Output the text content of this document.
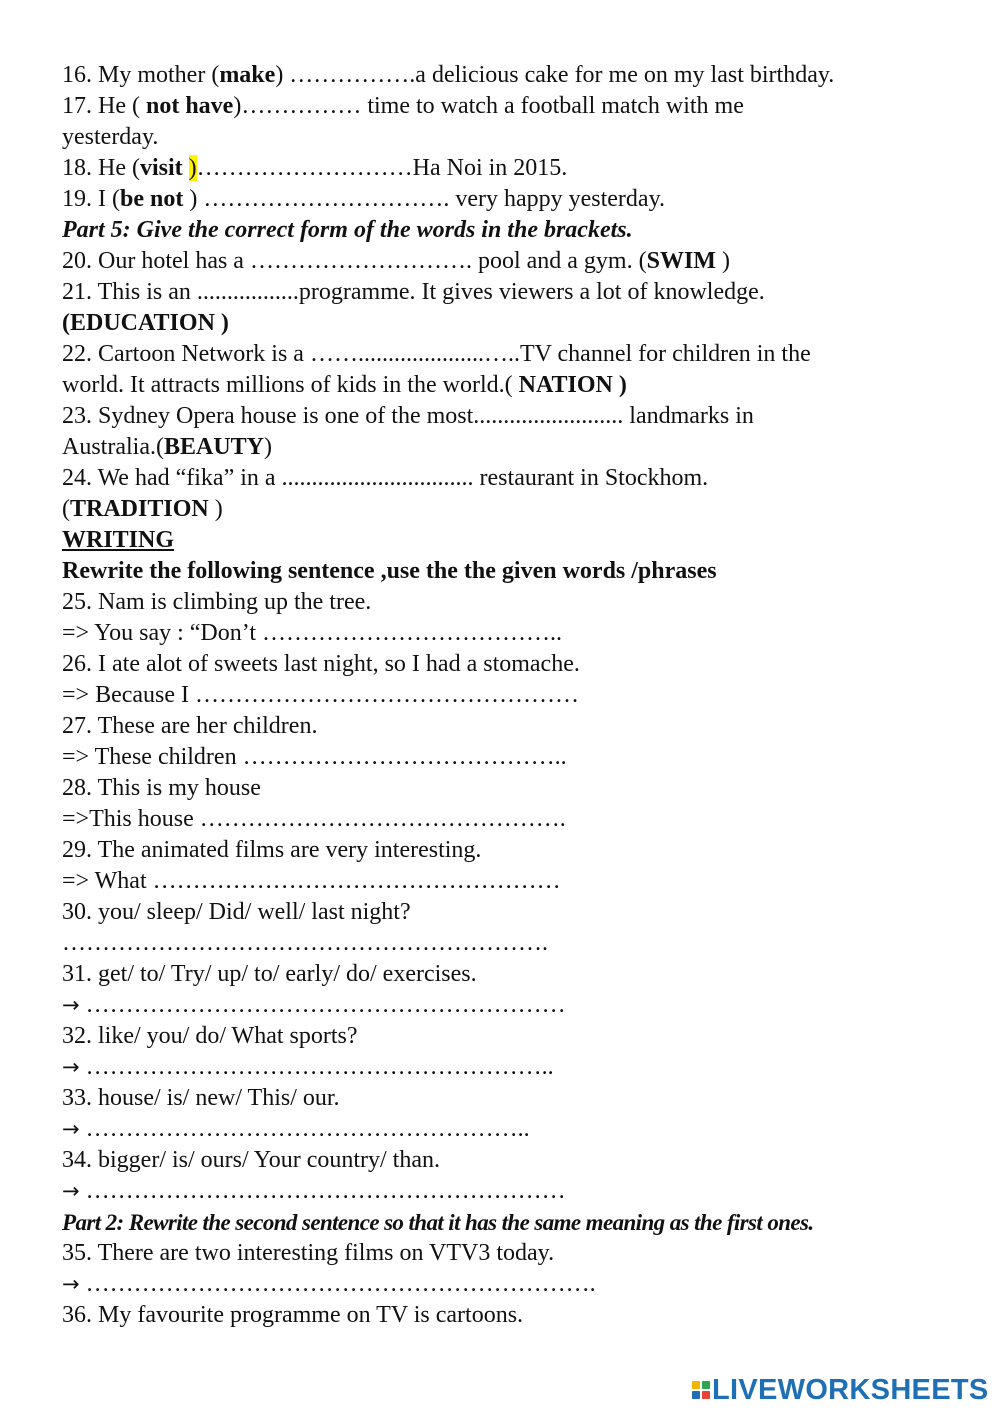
16. My mother (make) …………….a delicious cake for me on my last birthday.
17. He ( not have)…………… time to watch a football match with me
yesterday.
18. He (visit )………………………Ha Noi in 2015.
19. I (be not ) …………………………. very happy yesterday.
Part 5: Give the correct form of the words in the brackets.
20. Our hotel has a ………………………. pool and a gym. (SWIM )
21. This is an .................programme. It gives viewers a lot of knowledge.
(EDUCATION )
22. Cartoon Network is a …….....................…..TV channel for children in the
world. It attracts millions of kids in the world.( NATION )
23. Sydney Opera house is one of the most......................... landmarks in
Australia.(BEAUTY)
24. We had “fika” in a ................................ restaurant in Stockhom.
(TRADITION )
WRITING
Rewrite the following sentence ,use the the given words /phrases
25. Nam is climbing up the tree.
=> You say : “Don’t ………………………………..
26. I ate alot of sweets last night, so I had a stomache.
=> Because I …………………………………………
27. These are her children.
=> These children …………………………………..
28. This is my house
=>This house ……………………………………….
29. The animated films are very interesting.
=> What ……………………………………………
30. you/ sleep/ Did/ well/ last night?
…………………………………………………….
31. get/ to/ Try/ up/ to/ early/ do/ exercises.
→ ……………………………………………………
32. like/ you/ do/ What sports?
→ …………………………………………………..
33. house/ is/ new/ This/ our.
→ ………………………………………………..
34. bigger/ is/ ours/ Your country/ than.
→ ……………………………………………………
Part 2: Rewrite the second sentence so that it has the same meaning as the first ones.
35. There are two interesting films on VTV3 today.
→ ……………………………………………………….
36. My favourite programme on TV is cartoons.
LIVEWORKSHEETS
